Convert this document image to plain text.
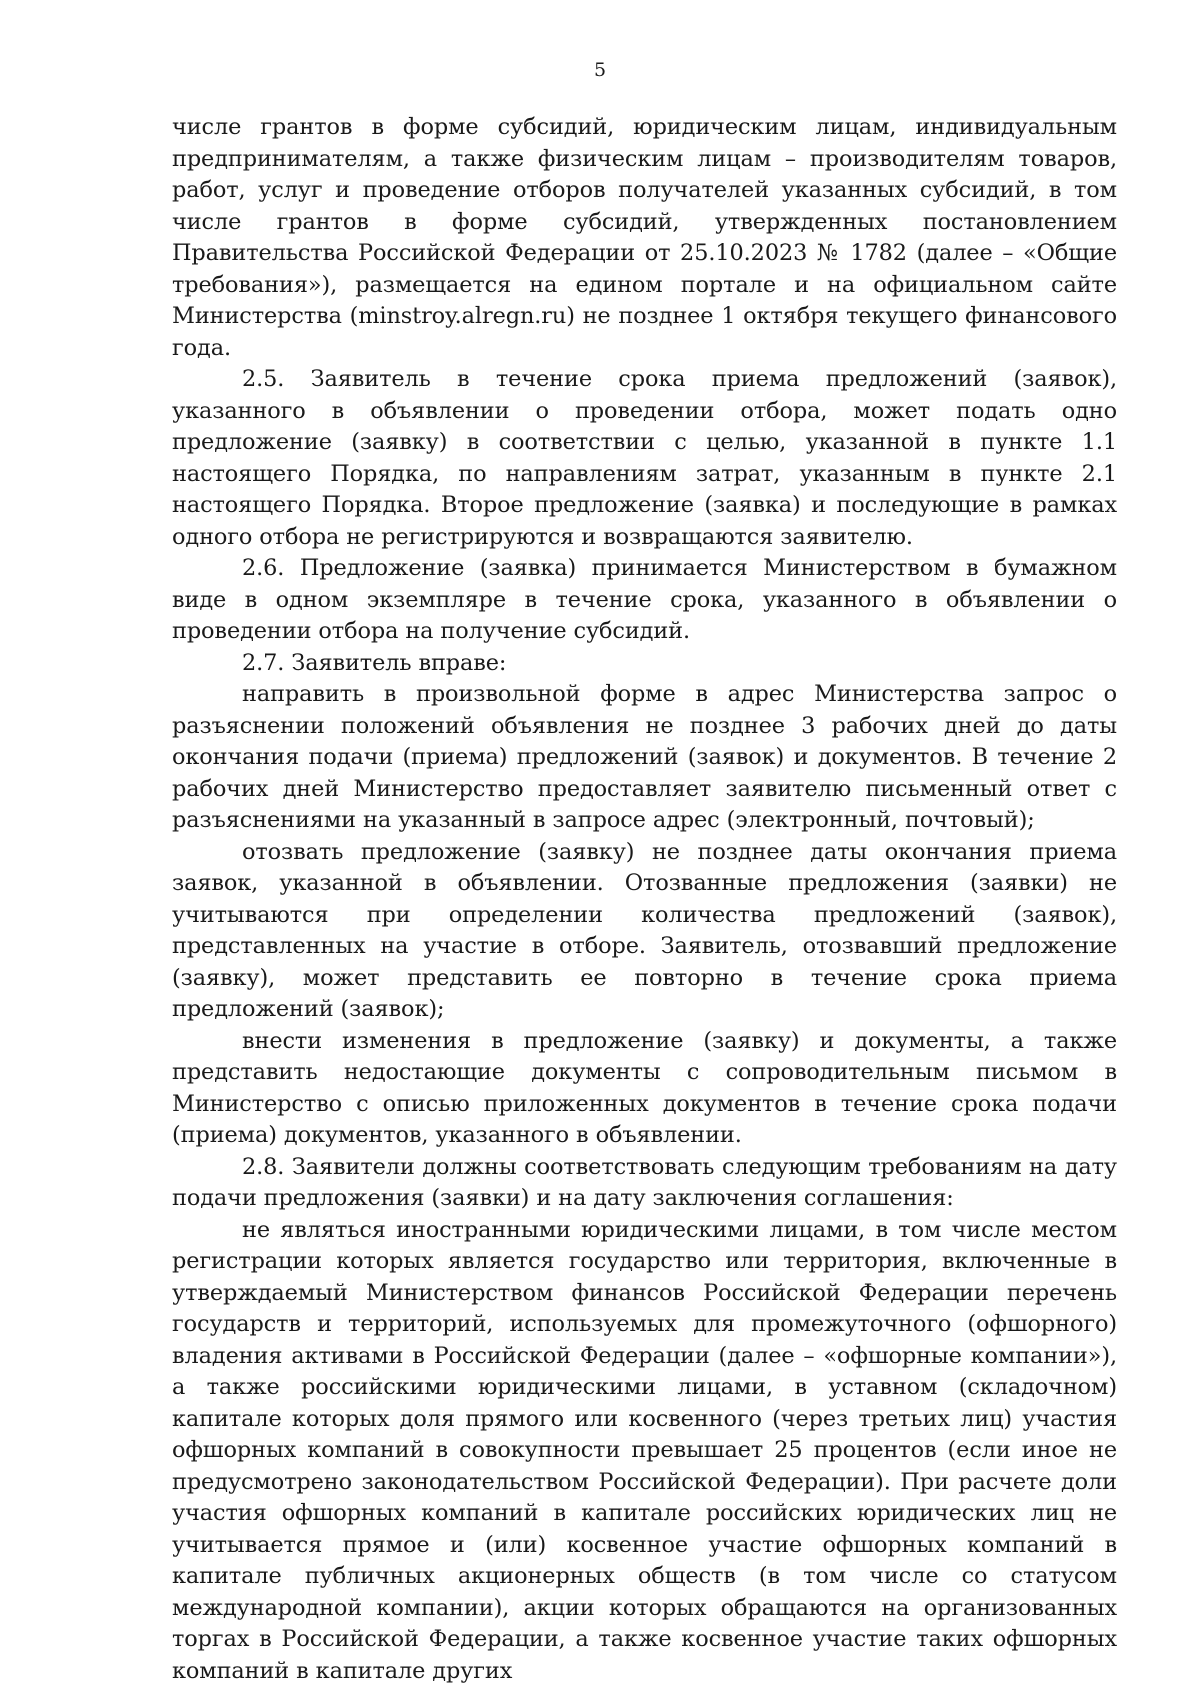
5

числе грантов в форме субсидий, юридическим лицам, индивидуальным предпринимателям, а также физическим лицам – производителям товаров, работ, услуг и проведение отборов получателей указанных субсидий, в том числе грантов в форме субсидий, утвержденных постановлением Правительства Российской Федерации от 25.10.2023 № 1782 (далее – «Общие требования»), размещается на едином портале и на официальном сайте Министерства (minstroy.alregn.ru) не позднее 1 октября текущего финансового года.

2.5. Заявитель в течение срока приема предложений (заявок), указанного в объявлении о проведении отбора, может подать одно предложение (заявку) в соответствии с целью, указанной в пункте 1.1 настоящего Порядка, по направлениям затрат, указанным в пункте 2.1 настоящего Порядка. Второе предложение (заявка) и последующие в рамках одного отбора не регистрируются и возвращаются заявителю.

2.6. Предложение (заявка) принимается Министерством в бумажном виде в одном экземпляре в течение срока, указанного в объявлении о проведении отбора на получение субсидий.

2.7. Заявитель вправе:

направить в произвольной форме в адрес Министерства запрос о разъяснении положений объявления не позднее 3 рабочих дней до даты окончания подачи (приема) предложений (заявок) и документов. В течение 2 рабочих дней Министерство предоставляет заявителю письменный ответ с разъяснениями на указанный в запросе адрес (электронный, почтовый);

отозвать предложение (заявку) не позднее даты окончания приема заявок, указанной в объявлении. Отозванные предложения (заявки) не учитываются при определении количества предложений (заявок), представленных на участие в отборе. Заявитель, отозвавший предложение (заявку), может представить ее повторно в течение срока приема предложений (заявок);

внести изменения в предложение (заявку) и документы, а также представить недостающие документы с сопроводительным письмом в Министерство с описью приложенных документов в течение срока подачи (приема) документов, указанного в объявлении.

2.8. Заявители должны соответствовать следующим требованиям на дату подачи предложения (заявки) и на дату заключения соглашения:

не являться иностранными юридическими лицами, в том числе местом регистрации которых является государство или территория, включенные в утверждаемый Министерством финансов Российской Федерации перечень государств и территорий, используемых для промежуточного (офшорного) владения активами в Российской Федерации (далее – «офшорные компании»), а также российскими юридическими лицами, в уставном (складочном) капитале которых доля прямого или косвенного (через третьих лиц) участия офшорных компаний в совокупности превышает 25 процентов (если иное не предусмотрено законодательством Российской Федерации). При расчете доли участия офшорных компаний в капитале российских юридических лиц не учитывается прямое и (или) косвенное участие офшорных компаний в капитале публичных акционерных обществ (в том числе со статусом международной компании), акции которых обращаются на организованных торгах в Российской Федерации, а также косвенное участие таких офшорных компаний в капитале других
